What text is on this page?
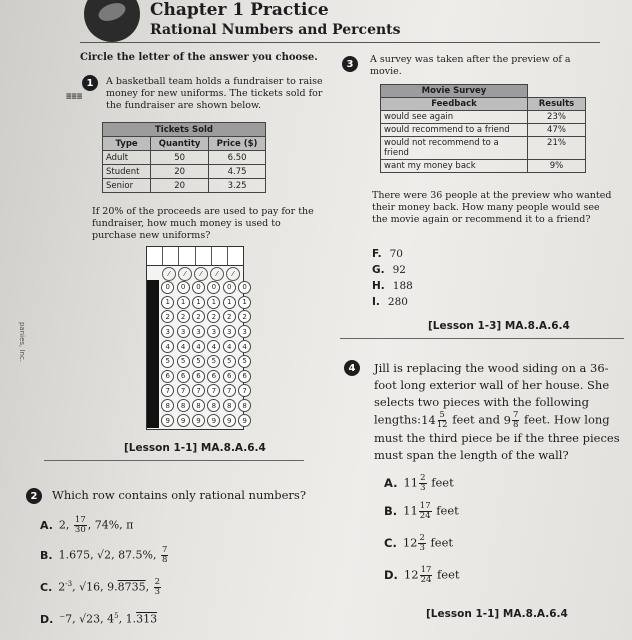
Chapter 1 Practice
Rational Numbers and Percents
Circle the letter of the answer you choose.
1
≡≡≡
A basketball team holds a fundraiser to raise money for new uniforms. The tickets sold for the fundraiser are shown below.
Tickets Sold		
Type	Quantity	Price ($)
Adult	50	6.50
Student	20	4.75
Senior	20	3.25
If 20% of the proceeds are used to pay for the fundraiser, how much money is used to purchase new uniforms?
⁄	⁄	⁄	⁄	⁄
0	0	0	0	0	0
1	1	1	1	1	1
2	2	2	2	2	2
3	3	3	3	3	3
4	4	4	4	4	4
5	5	5	5	5	5
6	6	6	6	6	6
7	7	7	7	7	7
8	8	8	8	8	8
9	9	9	9	9	9
[Lesson 1-1] MA.8.A.6.4
2	Which row contains only rational numbers?
A. 2, $\frac{17}{30}$ , 74%, π
B. 1.675, √2, 87.5%, $\frac{7}{8}$
C. $2^{-3}$, √16, 9.8735, $\frac{2}{3}$
D. ⁻7, √23, $4^5$, 1.313
3	A survey was taken after the preview of a movie.
Movie Survey	
Feedback	Results
would see again	23%
would recommend to a friend	47%
would not recommend to a friend	21%
want my money back	9%
There were 36 people at the preview who wanted their money back. How many people would see the movie again or recommend it to a friend?
F. 70
G. 92
H. 188
I. 280
[Lesson 1-3] MA.8.A.6.4
4	Jill is replacing the wood siding on a 36-foot long exterior wall of her house. She selects two pieces with the following lengths:14 $\frac{5}{12}$ feet and $9 \frac{7}{8}$ feet. How long must the third piece be if the three pieces must span the length of the wall?
A. $11 \frac{2}{3}$ feet
B. $11 \frac{17}{24}$ feet
C. $12 \frac{2}{3}$ feet
D. $12 \frac{17}{24}$ feet
[Lesson 1-1] MA.8.A.6.4
panies, Inc.
